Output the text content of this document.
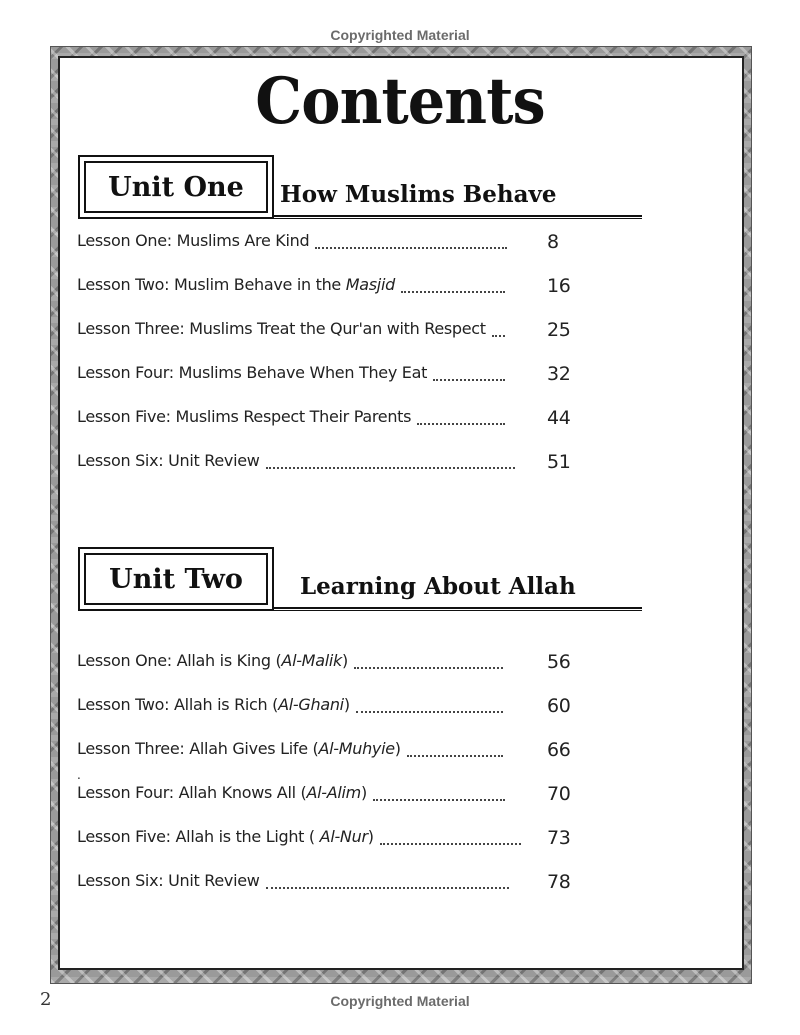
Copyrighted Material
Contents
Unit One How Muslims Behave
Lesson One: Muslims Are Kind	8
Lesson Two: Muslim Behave in the Masjid	16
Lesson Three: Muslims Treat the Qur'an with Respect	25
Lesson Four: Muslims Behave When They Eat	32
Lesson Five: Muslims Respect Their Parents	44
Lesson Six: Unit Review	51
Unit Two Learning About Allah
Lesson One: Allah is King (Al-Malik)	56
Lesson Two: Allah is Rich (Al-Ghani)	60
Lesson Three: Allah Gives Life (Al-Muhyie)	66
.
Lesson Four: Allah Knows All (Al-Alim)	70
Lesson Five: Allah is the Light ( Al-Nur)	73
Lesson Six: Unit Review	78
2	Copyrighted Material
